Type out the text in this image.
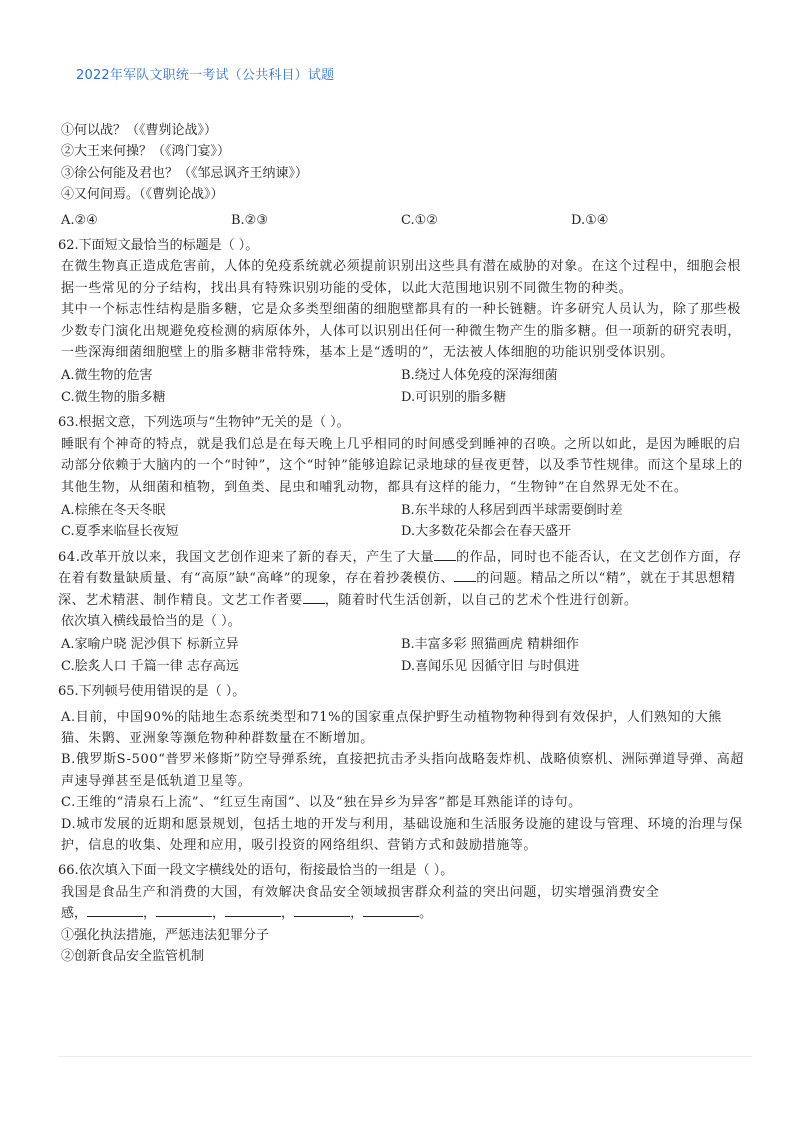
2022年军队文职统一考试（公共科目）试题
①何以战？（《曹刿论战》）
②大王来何操？（《鸿门宴》）
③徐公何能及君也？（《邹忌讽齐王纳谏》）
④又何间焉。（《曹刿论战》）
A.②④	B.②③	C.①②	D.①④
62.下面短文最恰当的标题是（ ）。
在微生物真正造成危害前，人体的免疫系统就必须提前识别出这些具有潜在威胁的对象。在这个过程中，细胞会根据一些常见的分子结构，找出具有特殊识别功能的受体，以此大范围地识别不同微生物的种类。
其中一个标志性结构是脂多糖，它是众多类型细菌的细胞壁都具有的一种长链糖。许多研究人员认为，除了那些极少数专门演化出规避免疫检测的病原体外，人体可以识别出任何一种微生物产生的脂多糖。但一项新的研究表明，一些深海细菌细胞壁上的脂多糖非常特殊，基本上是“透明的”，无法被人体细胞的功能识别受体识别。
A.微生物的危害	B.绕过人体免疫的深海细菌
C.微生物的脂多糖	D.可识别的脂多糖
63.根据文意，下列选项与“生物钟”无关的是（ ）。
睡眠有个神奇的特点，就是我们总是在每天晚上几乎相同的时间感受到睡神的召唤。之所以如此，是因为睡眠的启动部分依赖于大脑内的一个“时钟”，这个“时钟”能够追踪记录地球的昼夜更替，以及季节性规律。而这个星球上的其他生物，从细菌和植物，到鱼类、昆虫和哺乳动物，都具有这样的能力，“生物钟”在自然界无处不在。
A.棕熊在冬天冬眠	B.东半球的人移居到西半球需要倒时差
C.夏季来临昼长夜短	D.大多数花朵都会在春天盛开
64.改革开放以来，我国文艺创作迎来了新的春天，产生了大量 的作品，同时也不能否认，在文艺创作方面，存在着有数量缺质量、有“高原”缺“高峰”的现象，存在着抄袭模仿、 的问题。精品之所以“精”，就在于其思想精深、艺术精湛、制作精良。文艺工作者要 ，随着时代生活创新，以自己的艺术个性进行创新。
依次填入横线最恰当的是（ ）。
A.家喻户晓 泥沙俱下 标新立异	B.丰富多彩 照猫画虎 精耕细作
C.脍炙人口 千篇一律 志存高远	D.喜闻乐见 因循守旧 与时俱进
65.下列顿号使用错误的是（ ）。
A.目前，中国90%的陆地生态系统类型和71%的国家重点保护野生动植物物种得到有效保护，人们熟知的大熊猫、朱鹮、亚洲象等濒危物种种群数量在不断增加。
B.俄罗斯S-500“普罗米修斯”防空导弹系统，直接把抗击矛头指向战略轰炸机、战略侦察机、洲际弹道导弹、高超声速导弹甚至是低轨道卫星等。
C.王维的“清泉石上流”、“红豆生南国”、以及“独在异乡为异客”都是耳熟能详的诗句。
D.城市发展的近期和愿景规划，包括土地的开发与利用，基础设施和生活服务设施的建设与管理、环境的治理与保护，信息的收集、处理和应用，吸引投资的网络组织、营销方式和鼓励措施等。
66.依次填入下面一段文字横线处的语句，衔接最恰当的一组是（ ）。
我国是食品生产和消费的大国，有效解决食品安全领域损害群众利益的突出问题，切实增强消费安全
感，	，	，	，	，	。
①强化执法措施，严惩违法犯罪分子
②创新食品安全监管机制
